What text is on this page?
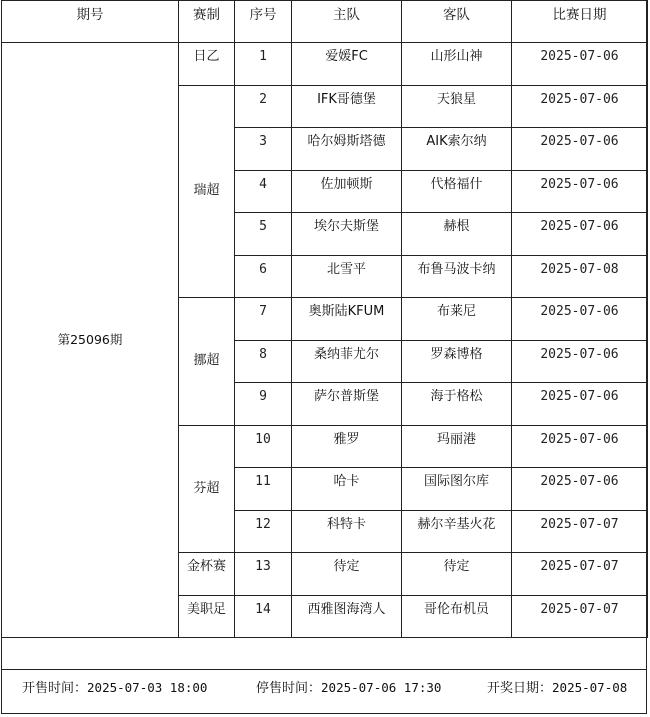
期号	赛制	序号	主队	客队	比赛日期
第25096期	日乙	1	爱媛FC	山形山神	2025-07-06
	瑞超	2	IFK哥德堡	天狼星	2025-07-06
		3	哈尔姆斯塔德	AIK索尔纳	2025-07-06
		4	佐加顿斯	代格福什	2025-07-06
		5	埃尔夫斯堡	赫根	2025-07-06
		6	北雪平	布鲁马波卡纳	2025-07-08
	挪超	7	奥斯陆KFUM	布莱尼	2025-07-06
		8	桑纳菲尤尔	罗森博格	2025-07-06
		9	萨尔普斯堡	海于格松	2025-07-06
	芬超	10	雅罗	玛丽港	2025-07-06
		11	哈卡	国际图尔库	2025-07-06
		12	科特卡	赫尔辛基火花	2025-07-07
	金杯赛	13	待定	待定	2025-07-07
	美职足	14	西雅图海湾人	哥伦布机员	2025-07-07
开售时间：2025-07-03 18:00	停售时间：2025-07-06 17:30	开奖日期：2025-07-08
